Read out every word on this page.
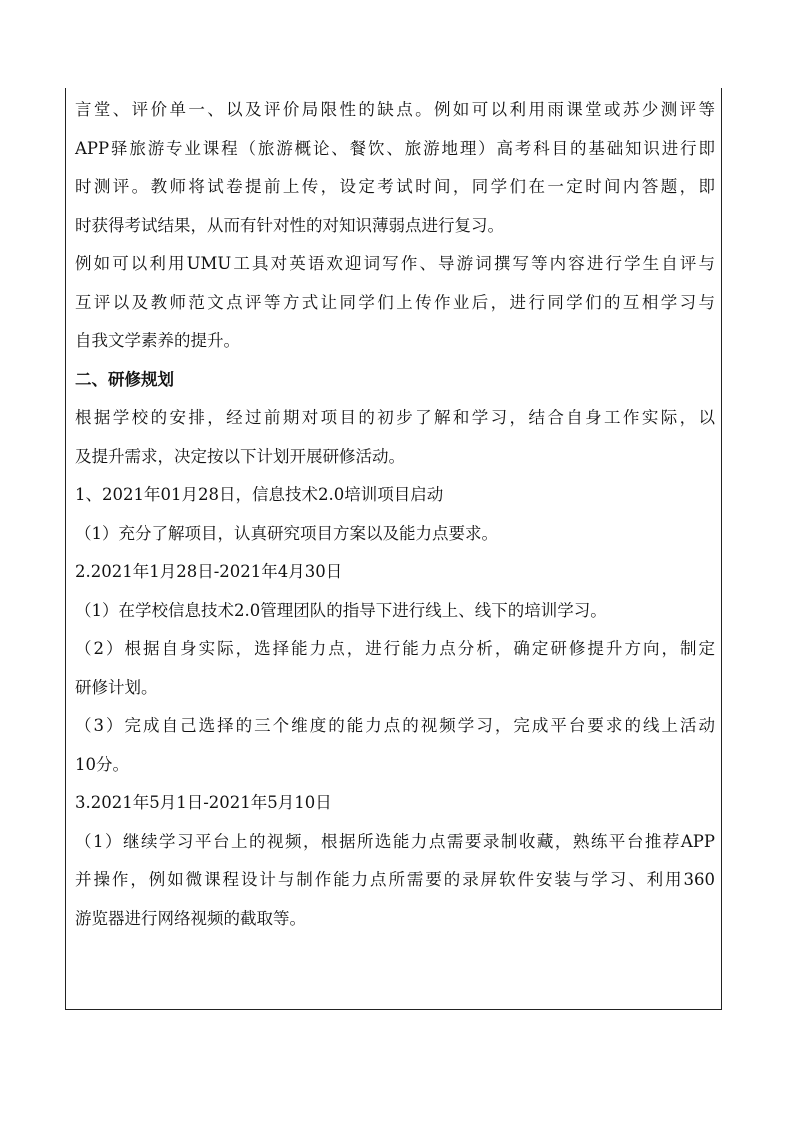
言堂、评价单一、以及评价局限性的缺点。例如可以利用雨课堂或苏少测评等
APP驿旅游专业课程（旅游概论、餐饮、旅游地理）高考科目的基础知识进行即
时测评。教师将试卷提前上传，设定考试时间，同学们在一定时间内答题，即
时获得考试结果，从而有针对性的对知识薄弱点进行复习。
例如可以利用UMU工具对英语欢迎词写作、导游词撰写等内容进行学生自评与
互评以及教师范文点评等方式让同学们上传作业后，进行同学们的互相学习与
自我文学素养的提升。
二、研修规划
根据学校的安排，经过前期对项目的初步了解和学习，结合自身工作实际，以
及提升需求，决定按以下计划开展研修活动。
1、2021年01月28日，信息技术2.0培训项目启动
（1）充分了解项目，认真研究项目方案以及能力点要求。
2.2021年1月28日-2021年4月30日
（1）在学校信息技术2.0管理团队的指导下进行线上、线下的培训学习。
（2）根据自身实际，选择能力点，进行能力点分析，确定研修提升方向，制定
研修计划。
（3）完成自己选择的三个维度的能力点的视频学习，完成平台要求的线上活动
10分。
3.2021年5月1日-2021年5月10日
（1）继续学习平台上的视频，根据所选能力点需要录制收藏，熟练平台推荐APP
并操作，例如微课程设计与制作能力点所需要的录屏软件安装与学习、利用360
游览器进行网络视频的截取等。
